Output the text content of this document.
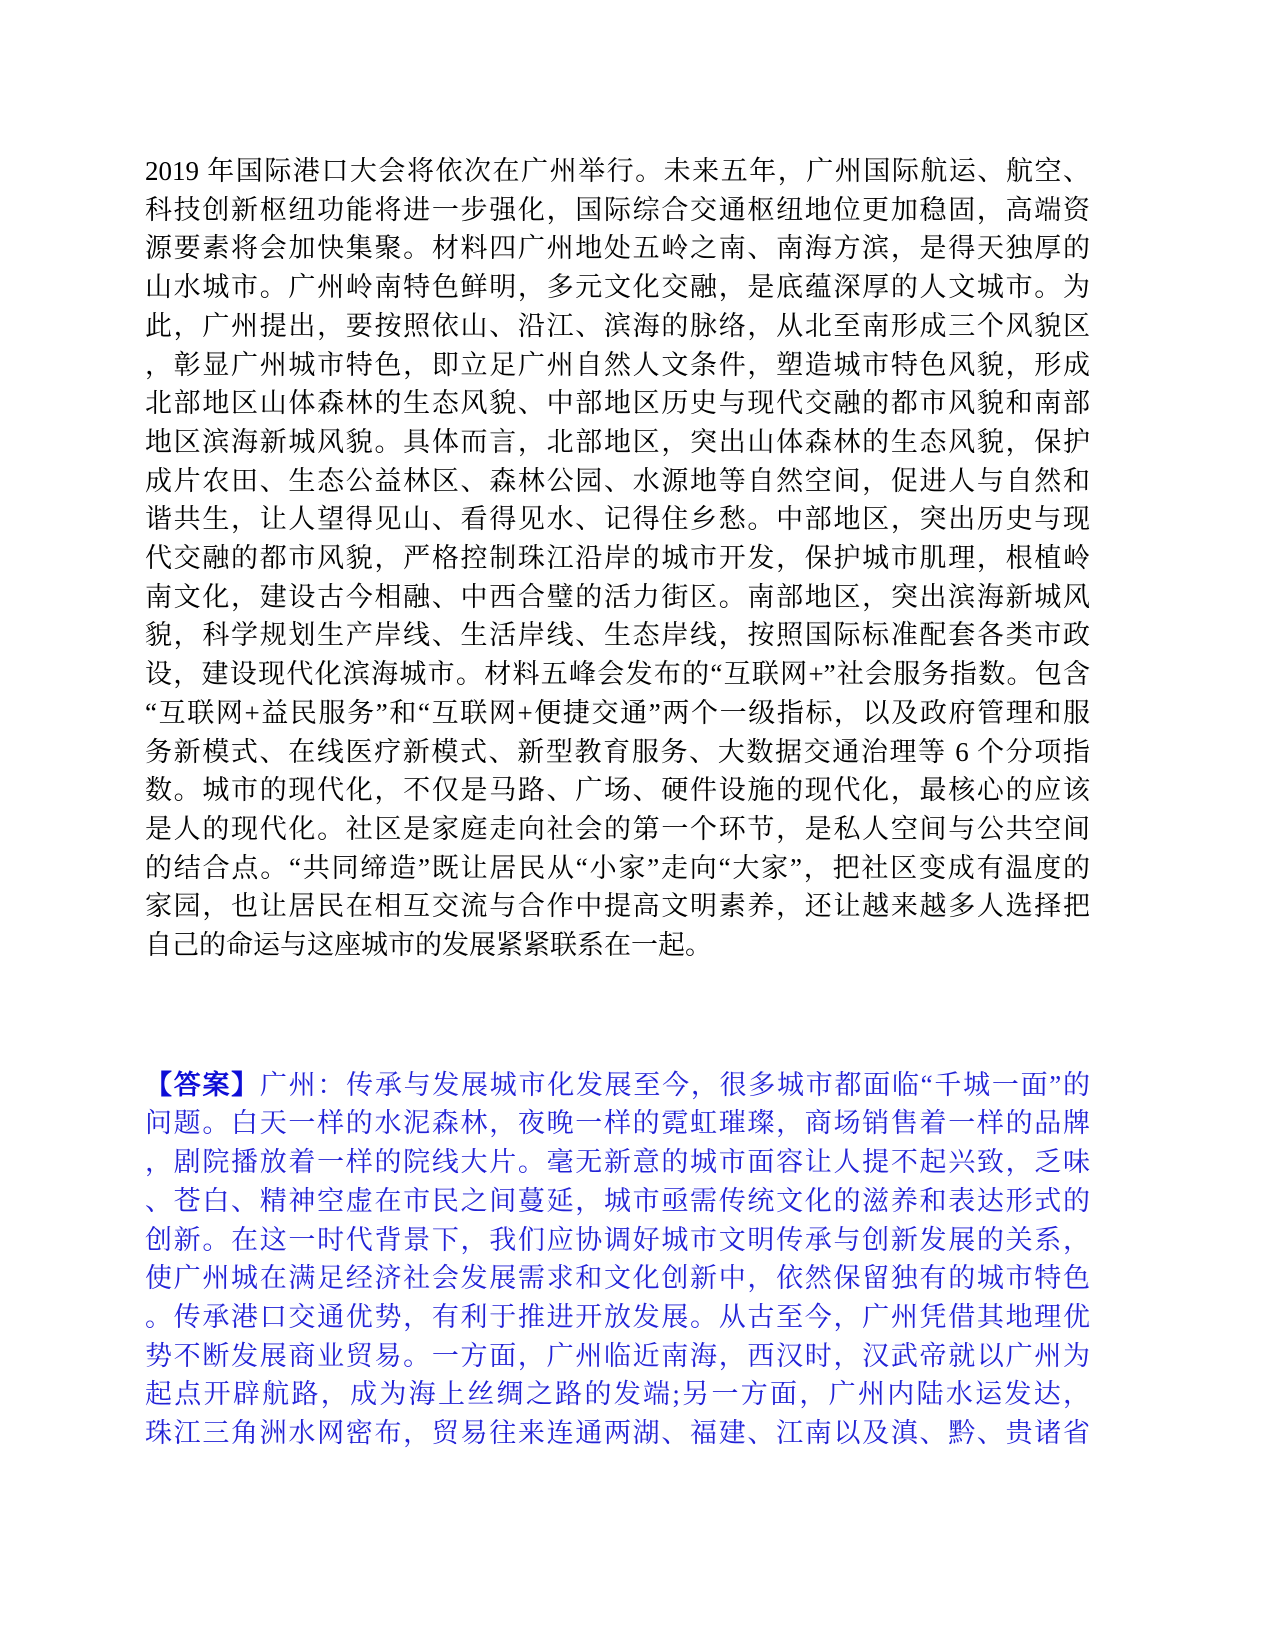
2019 年国际港口大会将依次在广州举行。未来五年，广州国际航运、航空、
科技创新枢纽功能将进一步强化，国际综合交通枢纽地位更加稳固，高端资
源要素将会加快集聚。材料四广州地处五岭之南、南海方滨，是得天独厚的
山水城市。广州岭南特色鲜明，多元文化交融，是底蕴深厚的人文城市。为
此，广州提出，要按照依山、沿江、滨海的脉络，从北至南形成三个风貌区
，彰显广州城市特色，即立足广州自然人文条件，塑造城市特色风貌，形成
北部地区山体森林的生态风貌、中部地区历史与现代交融的都市风貌和南部
地区滨海新城风貌。具体而言，北部地区，突出山体森林的生态风貌，保护
成片农田、生态公益林区、森林公园、水源地等自然空间，促进人与自然和
谐共生，让人望得见山、看得见水、记得住乡愁。中部地区，突出历史与现
代交融的都市风貌，严格控制珠江沿岸的城市开发，保护城市肌理，根植岭
南文化，建设古今相融、中西合璧的活力街区。南部地区，突出滨海新城风
貌，科学规划生产岸线、生活岸线、生态岸线，按照国际标准配套各类市政
设，建设现代化滨海城市。材料五峰会发布的“互联网+”社会服务指数。包含
“互联网+益民服务”和“互联网+便捷交通”两个一级指标，以及政府管理和服
务新模式、在线医疗新模式、新型教育服务、大数据交通治理等 6 个分项指
数。城市的现代化，不仅是马路、广场、硬件设施的现代化，最核心的应该
是人的现代化。社区是家庭走向社会的第一个环节，是私人空间与公共空间
的结合点。“共同缔造”既让居民从“小家”走向“大家”，把社区变成有温度的
家园，也让居民在相互交流与合作中提高文明素养，还让越来越多人选择把
自己的命运与这座城市的发展紧紧联系在一起。
【答案】广州：传承与发展城市化发展至今，很多城市都面临“千城一面”的
问题。白天一样的水泥森林，夜晚一样的霓虹璀璨，商场销售着一样的品牌
，剧院播放着一样的院线大片。毫无新意的城市面容让人提不起兴致，乏味
、苍白、精神空虚在市民之间蔓延，城市亟需传统文化的滋养和表达形式的
创新。在这一时代背景下，我们应协调好城市文明传承与创新发展的关系，
使广州城在满足经济社会发展需求和文化创新中，依然保留独有的城市特色
。传承港口交通优势，有利于推进开放发展。从古至今，广州凭借其地理优
势不断发展商业贸易。一方面，广州临近南海，西汉时，汉武帝就以广州为
起点开辟航路，成为海上丝绸之路的发端;另一方面，广州内陆水运发达，
珠江三角洲水网密布，贸易往来连通两湖、福建、江南以及滇、黔、贵诸省
